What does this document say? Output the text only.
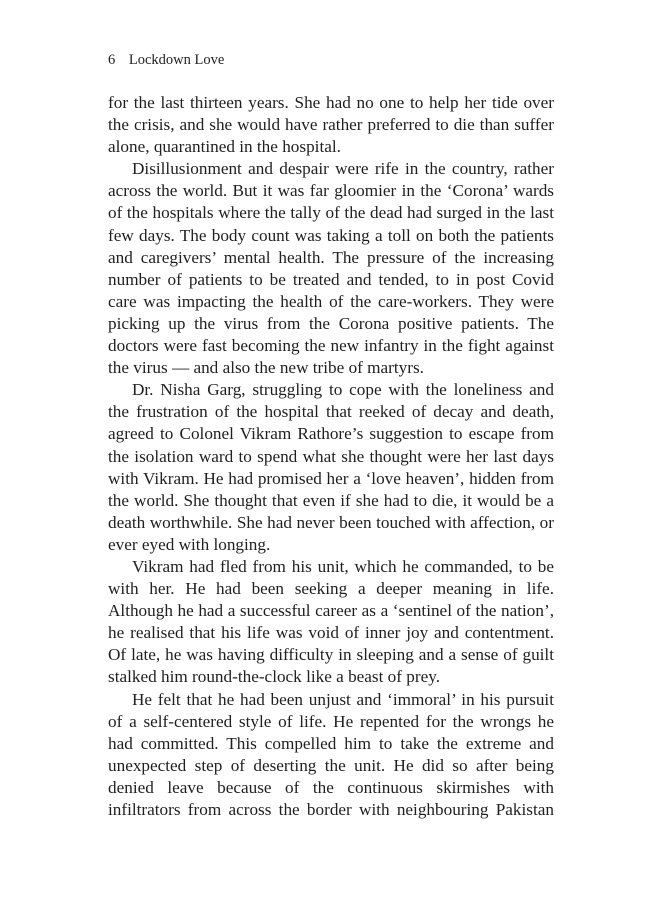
6 Lockdown Love

for the last thirteen years. She had no one to help her tide over the crisis, and she would have rather preferred to die than suffer alone, quarantined in the hospital.

Disillusionment and despair were rife in the country, rather across the world. But it was far gloomier in the ‘Corona’ wards of the hospitals where the tally of the dead had surged in the last few days. The body count was taking a toll on both the patients and caregivers’ mental health. The pressure of the increasing number of patients to be treated and tended, to in post Covid care was impacting the health of the care-workers. They were picking up the virus from the Corona positive patients. The doctors were fast becoming the new infantry in the fight against the virus — and also the new tribe of martyrs.

Dr. Nisha Garg, struggling to cope with the loneliness and the frustration of the hospital that reeked of decay and death, agreed to Colonel Vikram Rathore’s suggestion to escape from the isolation ward to spend what she thought were her last days with Vikram. He had promised her a ‘love heaven’, hidden from the world. She thought that even if she had to die, it would be a death worthwhile. She had never been touched with affection, or ever eyed with longing.

Vikram had fled from his unit, which he commanded, to be with her. He had been seeking a deeper meaning in life. Although he had a successful career as a ‘sentinel of the nation’, he realised that his life was void of inner joy and contentment. Of late, he was having difficulty in sleeping and a sense of guilt stalked him round-the-clock like a beast of prey.

He felt that he had been unjust and ‘immoral’ in his pursuit of a self-centered style of life. He repented for the wrongs he had committed. This compelled him to take the extreme and unexpected step of deserting the unit. He did so after being denied leave because of the continuous skirmishes with infiltrators from across the border with neighbouring Pakistan
